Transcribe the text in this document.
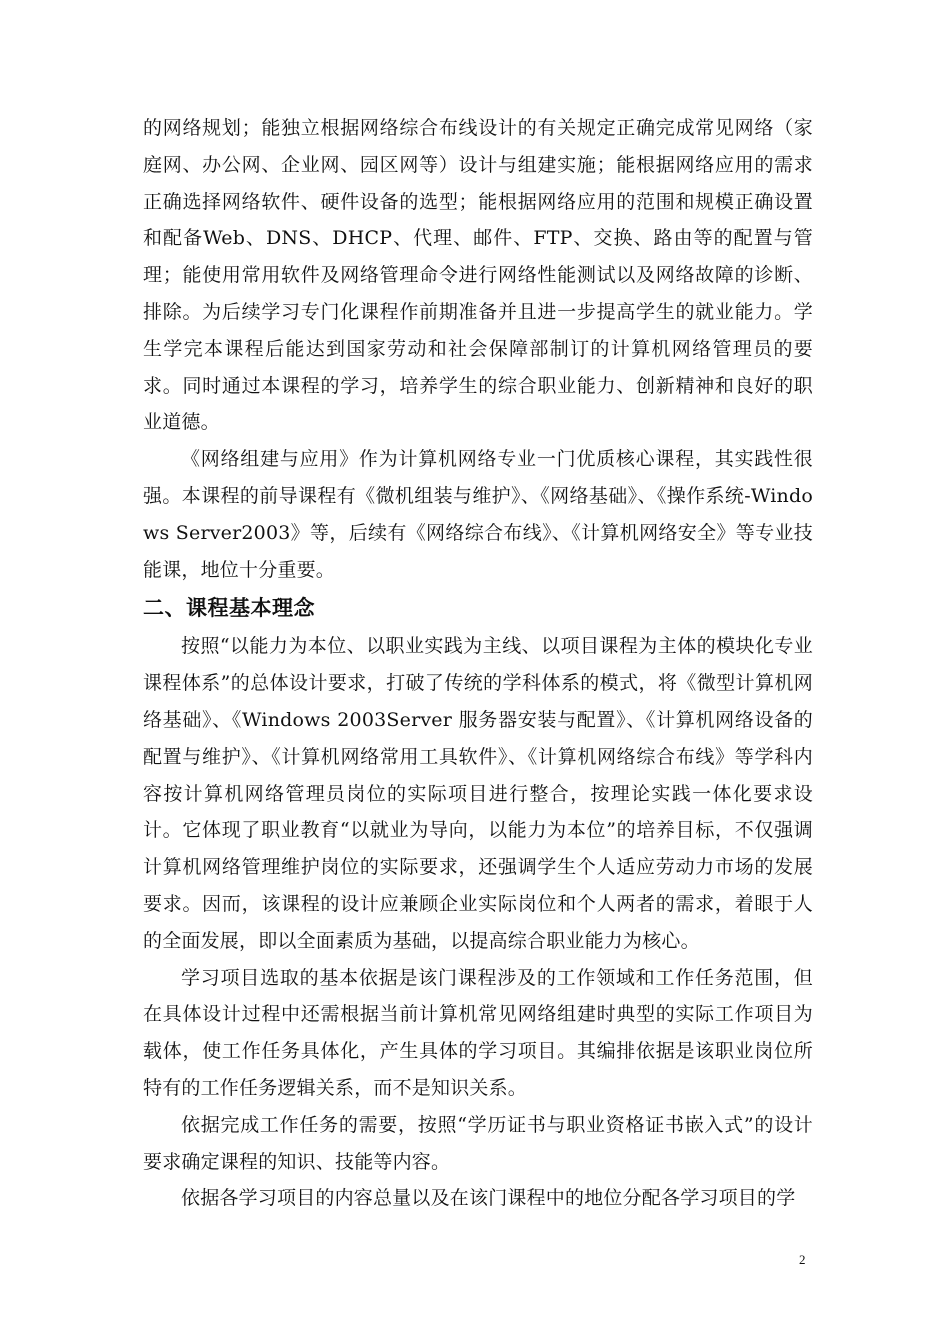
的网络规划；能独立根据网络综合布线设计的有关规定正确完成常见网络（家庭网、办公网、企业网、园区网等）设计与组建实施；能根据网络应用的需求正确选择网络软件、硬件设备的选型；能根据网络应用的范围和规模正确设置和配备Web、DNS、DHCP、代理、邮件、FTP、交换、路由等的配置与管理；能使用常用软件及网络管理命令进行网络性能测试以及网络故障的诊断、排除。为后续学习专门化课程作前期准备并且进一步提高学生的就业能力。学生学完本课程后能达到国家劳动和社会保障部制订的计算机网络管理员的要求。同时通过本课程的学习，培养学生的综合职业能力、创新精神和良好的职业道德。

《网络组建与应用》作为计算机网络专业一门优质核心课程，其实践性很强。本课程的前导课程有《微机组装与维护》、《网络基础》、《操作系统-Windows Server2003》等，后续有《网络综合布线》、《计算机网络安全》等专业技能课，地位十分重要。

二、课程基本理念

按照“以能力为本位、以职业实践为主线、以项目课程为主体的模块化专业课程体系”的总体设计要求，打破了传统的学科体系的模式，将《微型计算机网络基础》、《Windows 2003Server 服务器安装与配置》、《计算机网络设备的配置与维护》、《计算机网络常用工具软件》、《计算机网络综合布线》等学科内容按计算机网络管理员岗位的实际项目进行整合，按理论实践一体化要求设计。它体现了职业教育“以就业为导向，以能力为本位”的培养目标，不仅强调计算机网络管理维护岗位的实际要求，还强调学生个人适应劳动力市场的发展要求。因而，该课程的设计应兼顾企业实际岗位和个人两者的需求，着眼于人的全面发展，即以全面素质为基础，以提高综合职业能力为核心。

学习项目选取的基本依据是该门课程涉及的工作领域和工作任务范围，但在具体设计过程中还需根据当前计算机常见网络组建时典型的实际工作项目为载体，使工作任务具体化，产生具体的学习项目。其编排依据是该职业岗位所特有的工作任务逻辑关系，而不是知识关系。

依据完成工作任务的需要，按照“学历证书与职业资格证书嵌入式”的设计要求确定课程的知识、技能等内容。

依据各学习项目的内容总量以及在该门课程中的地位分配各学习项目的学

2
